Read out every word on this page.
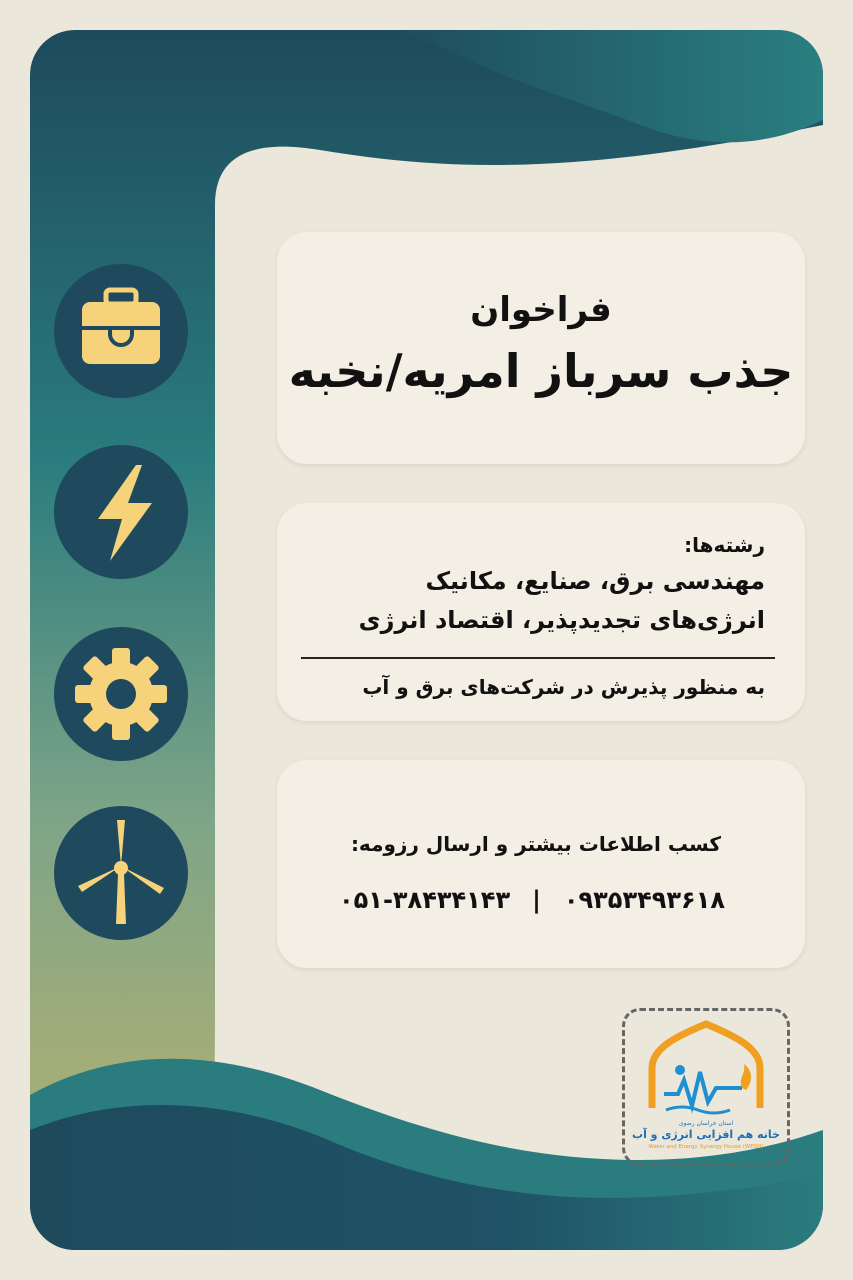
فراخوان
جذب سرباز امریه/نخبه
رشته‌ها:
مهندسی برق، صنایع، مکانیک
انرژی‌های تجدیدپذیر، اقتصاد انرژی
به منظور پذیرش در شرکت‌های برق و آب
کسب اطلاعات بیشتر و ارسال رزومه:
۰۵۱-۳۸۴۳۴۱۴۳ | ۰۹۳۵۳۴۹۳۶۱۸
استان خراسان رضوی
خانه هم افزایی انرژی و آب
Water and Energy Synergy House (WESH)
